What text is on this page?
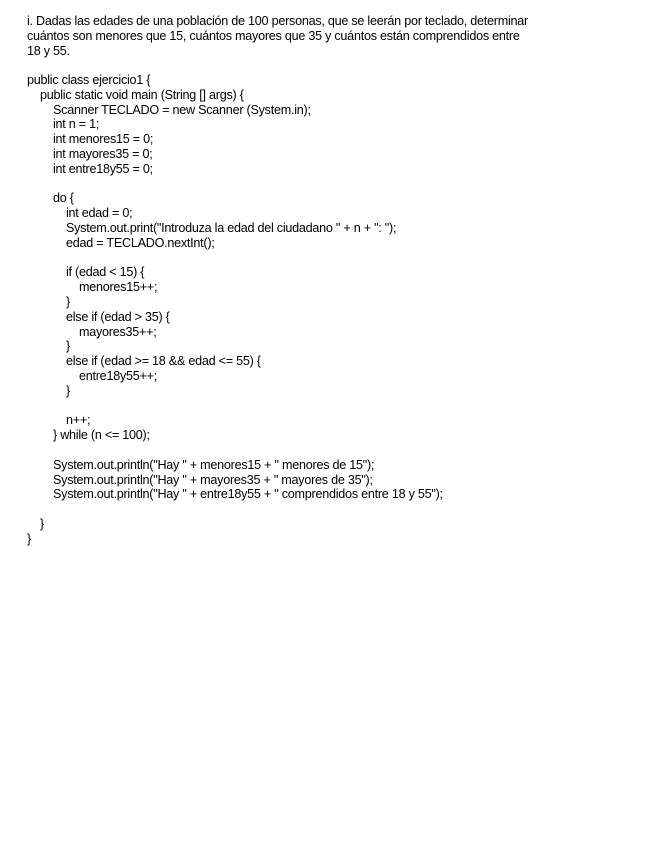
i. Dadas las edades de una población de 100 personas, que se leerán por teclado, determinar
cuántos son menores que 15, cuántos mayores que 35 y cuántos están comprendidos entre
18 y 55.

public class ejercicio1 {
public static void main (String [] args) {
Scanner TECLADO = new Scanner (System.in);
int n = 1;
int menores15 = 0;
int mayores35 = 0;
int entre18y55 = 0;
do {
int edad = 0;
System.out.print("Introduza la edad del ciudadano " + n + ": ");
edad = TECLADO.nextInt();
if (edad < 15) {
menores15++;
}
else if (edad > 35) {
mayores35++;
}
else if (edad >= 18 && edad <= 55) {
entre18y55++;
}
n++;
} while (n <= 100);
System.out.println("Hay " + menores15 + " menores de 15");
System.out.println("Hay " + mayores35 + " mayores de 35");
System.out.println("Hay " + entre18y55 + " comprendidos entre 18 y 55");
}
}
